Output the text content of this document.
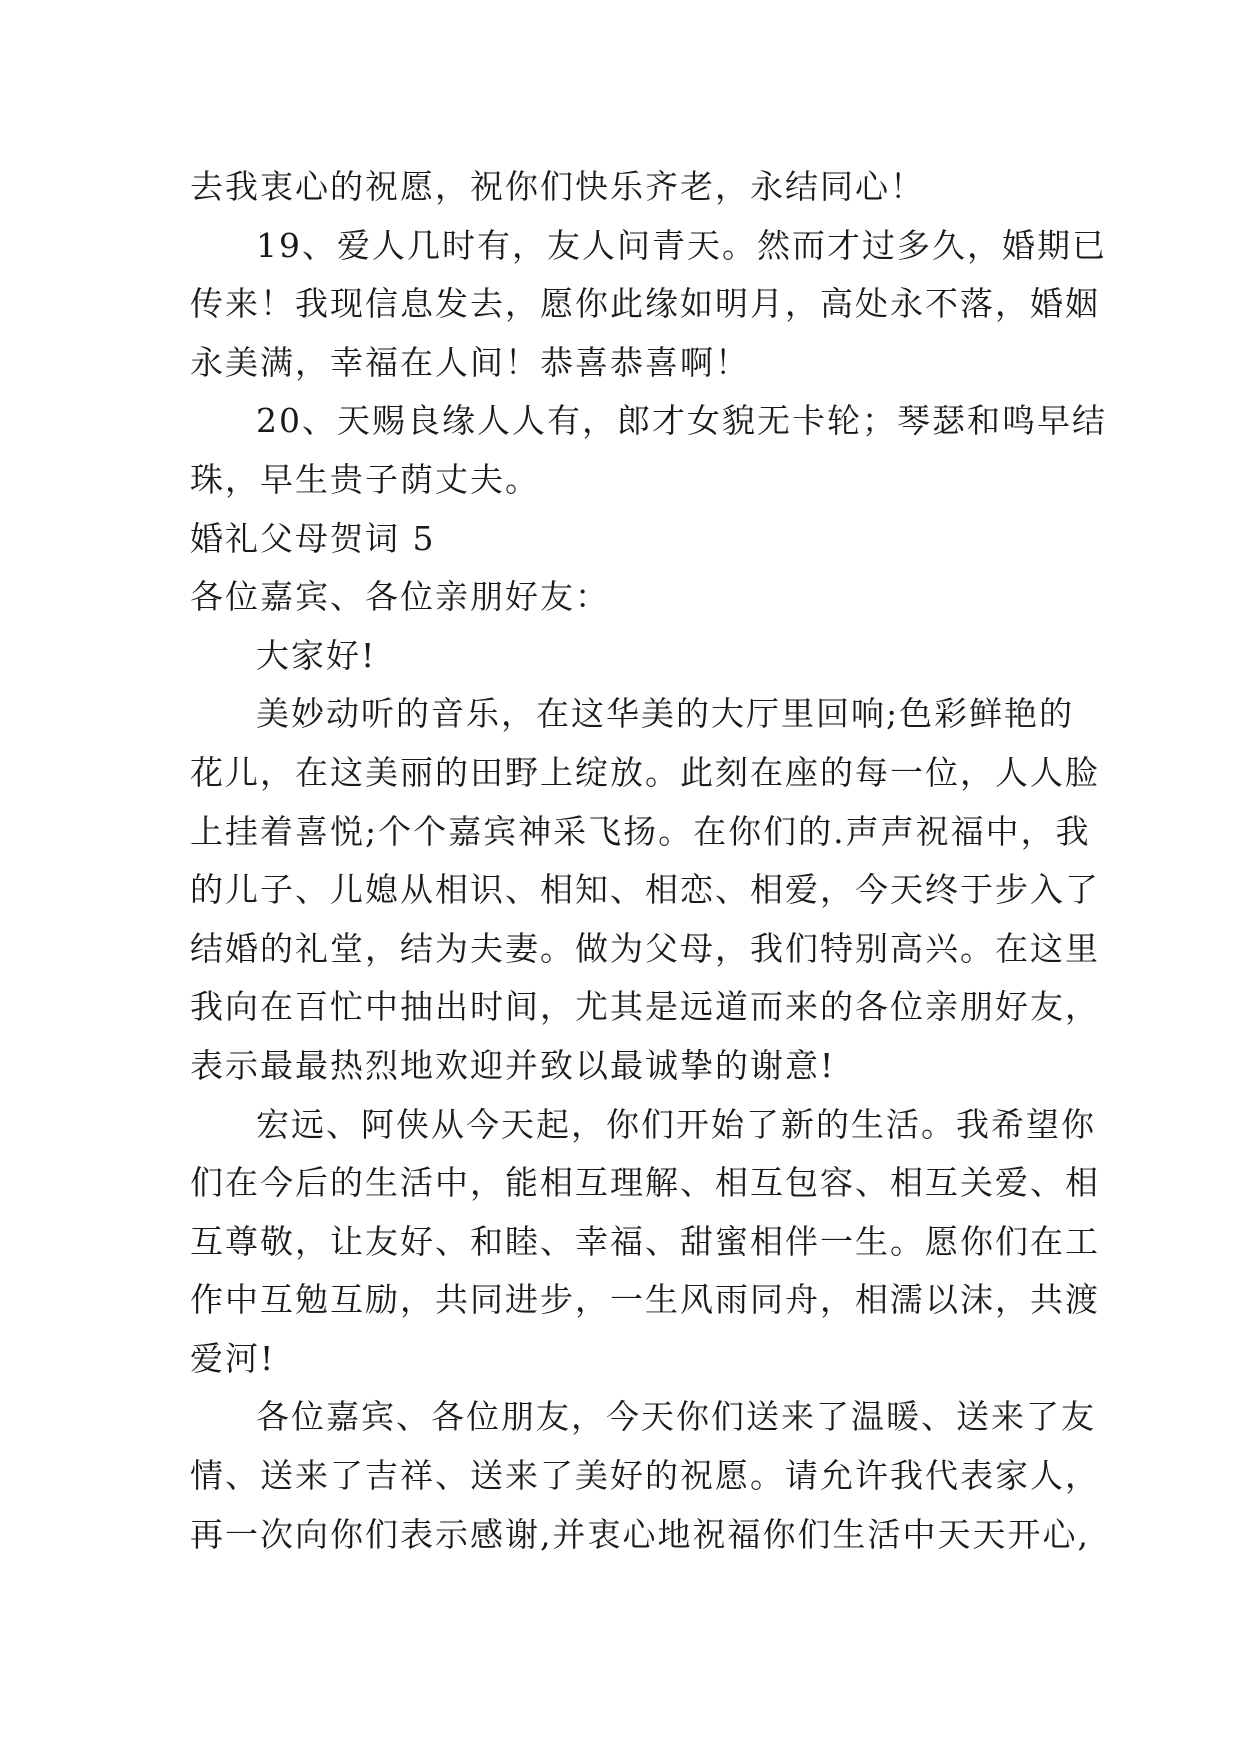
去我衷心的祝愿，祝你们快乐齐老，永结同心！
19、爱人几时有，友人问青天。然而才过多久，婚期已
传来！我现信息发去，愿你此缘如明月，高处永不落，婚姻
永美满，幸福在人间！恭喜恭喜啊！
20、天赐良缘人人有，郎才女貌无卡轮；琴瑟和鸣早结
珠，早生贵子荫丈夫。
婚礼父母贺词 5
各位嘉宾、各位亲朋好友：
大家好!
美妙动听的音乐，在这华美的大厅里回响;色彩鲜艳的
花儿，在这美丽的田野上绽放。此刻在座的每一位，人人脸
上挂着喜悦;个个嘉宾神采飞扬。在你们的.声声祝福中，我
的儿子、儿媳从相识、相知、相恋、相爱，今天终于步入了
结婚的礼堂，结为夫妻。做为父母，我们特别高兴。在这里
我向在百忙中抽出时间，尤其是远道而来的各位亲朋好友，
表示最最热烈地欢迎并致以最诚挚的谢意!
宏远、阿侠从今天起，你们开始了新的生活。我希望你
们在今后的生活中，能相互理解、相互包容、相互关爱、相
互尊敬，让友好、和睦、幸福、甜蜜相伴一生。愿你们在工
作中互勉互励，共同进步，一生风雨同舟，相濡以沫，共渡
爱河!
各位嘉宾、各位朋友，今天你们送来了温暖、送来了友
情、送来了吉祥、送来了美好的祝愿。请允许我代表家人，
再一次向你们表示感谢,并衷心地祝福你们生活中天天开心,
